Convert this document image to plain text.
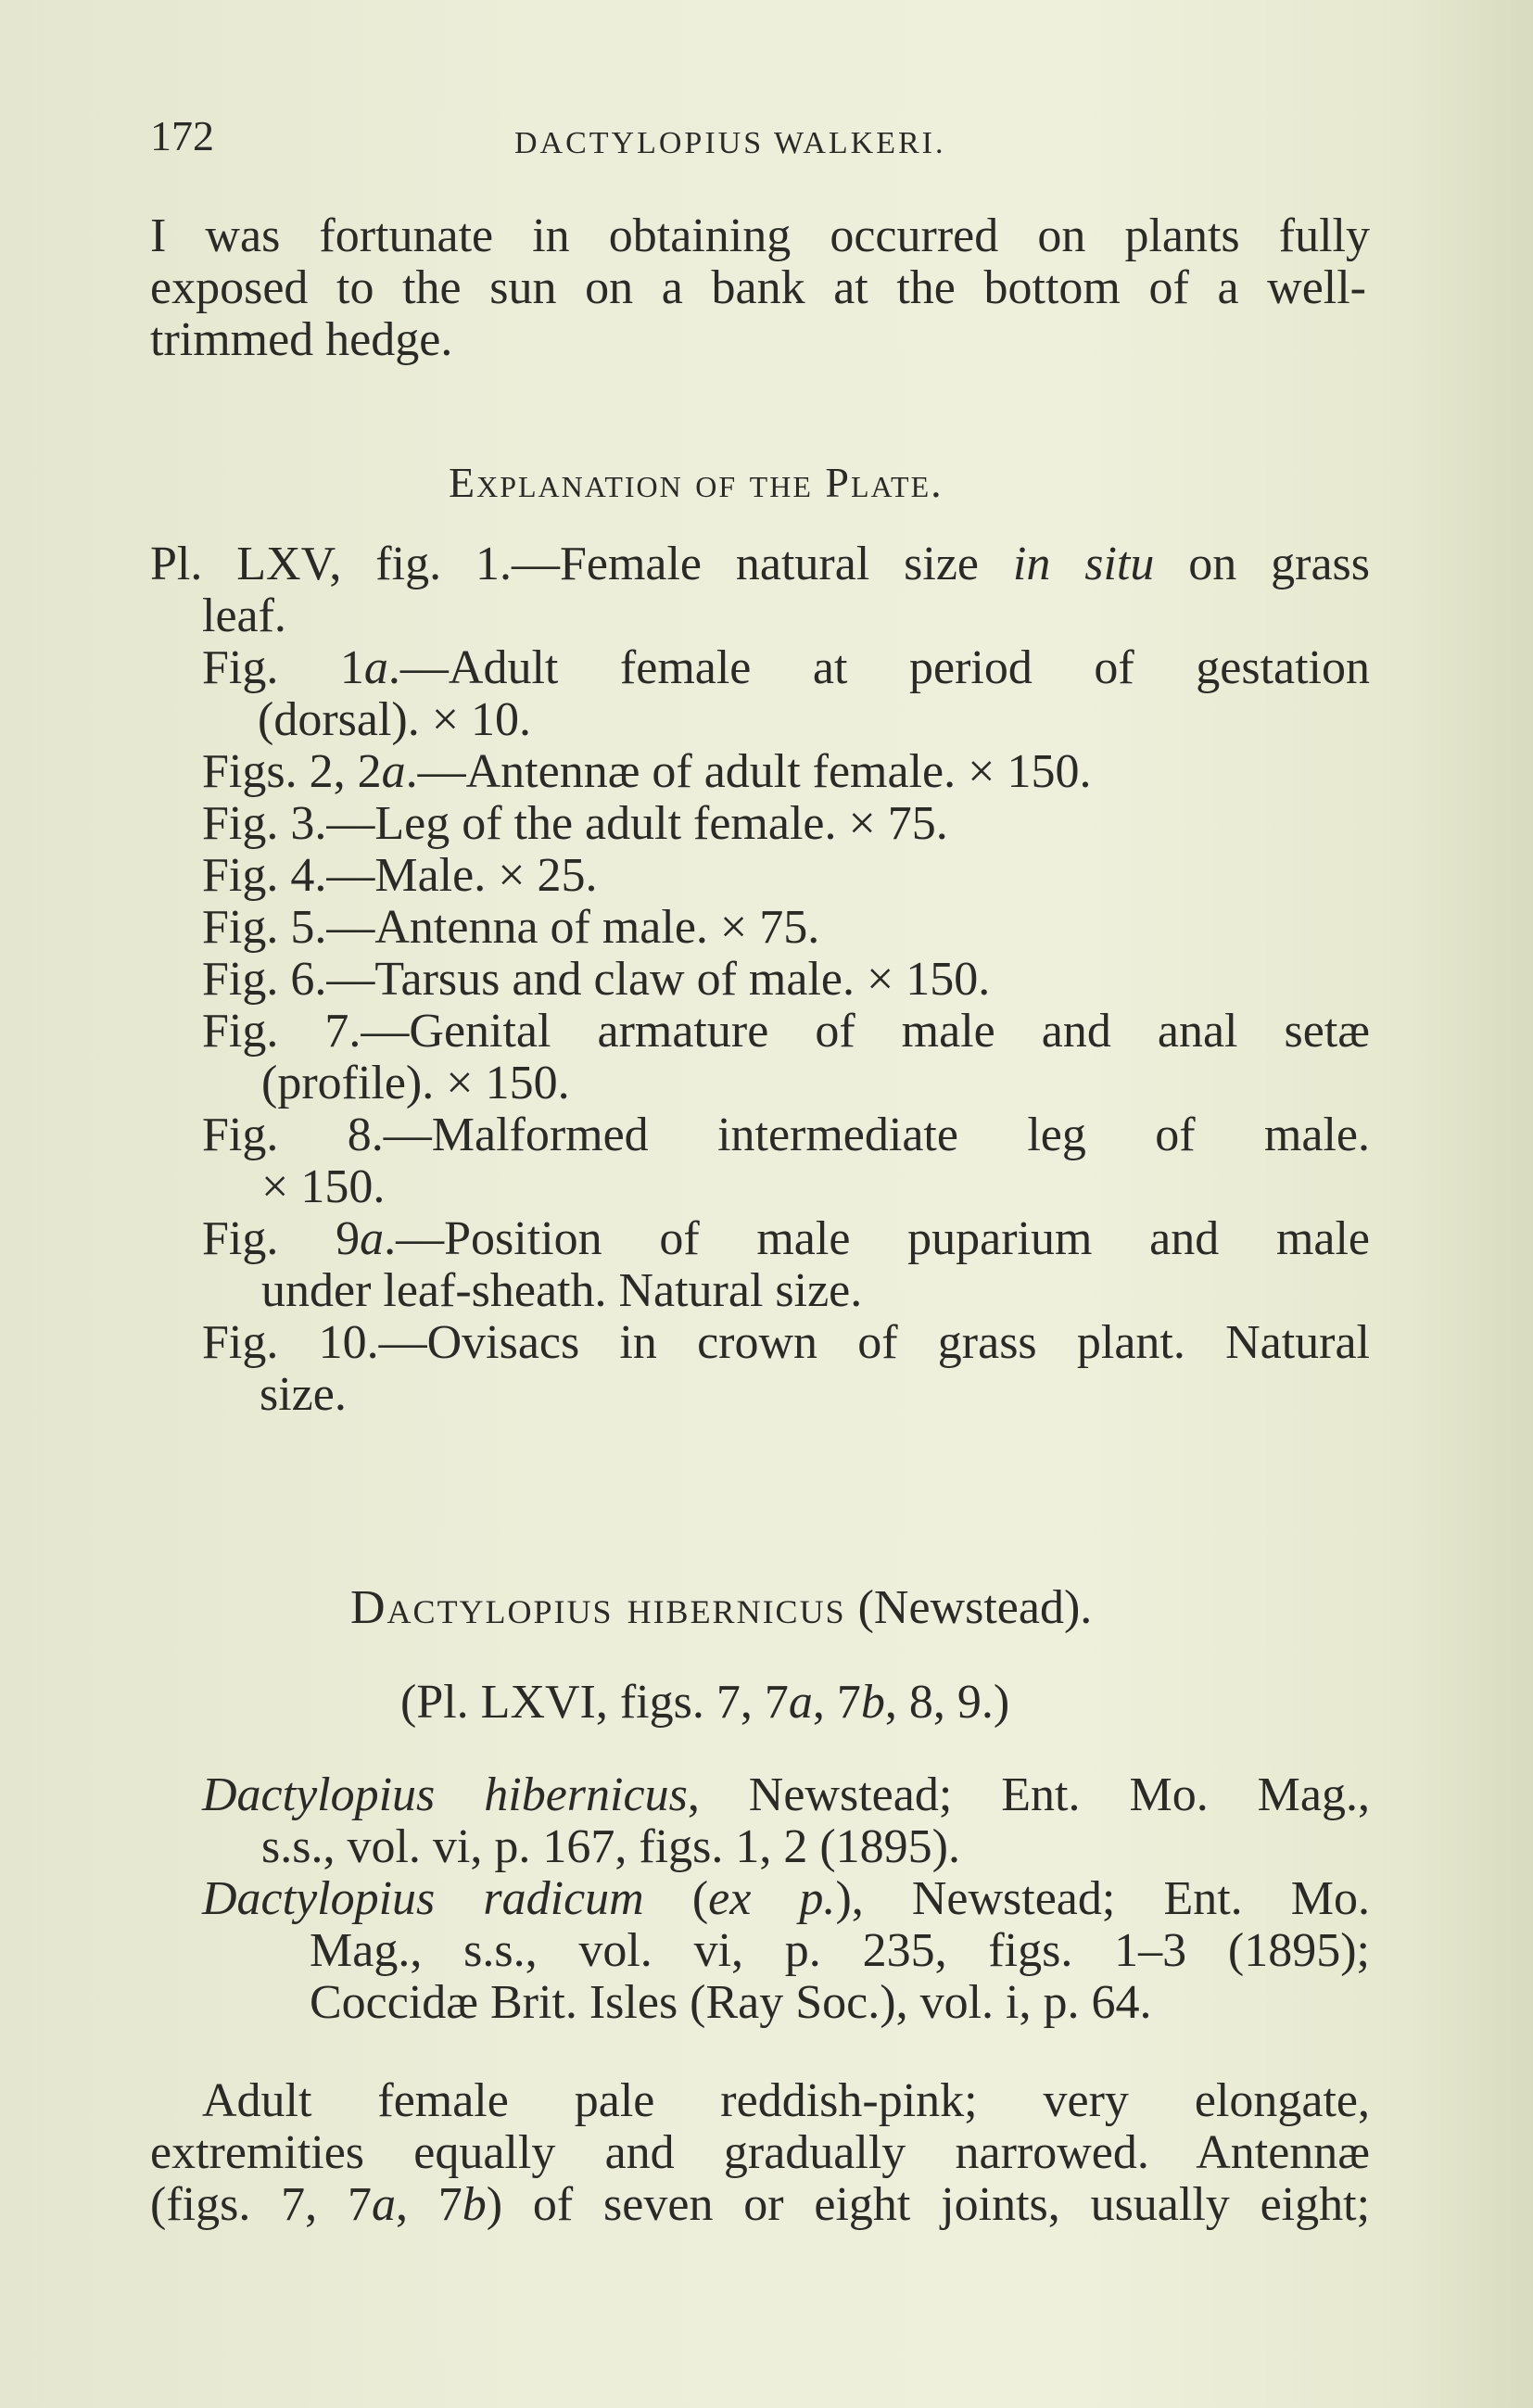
172	DACTYLOPIUS WALKERI.
I was fortunate in obtaining occurred on plants fully
exposed to the sun on a bank at the bottom of a well-
trimmed hedge.
Explanation of the Plate.
Pl. LXV, fig. 1.—Female natural size in situ on grass
leaf.
Fig. 1a.—Adult female at period of gestation
(dorsal). × 10.
Figs. 2, 2a.—Antennæ of adult female. × 150.
Fig. 3.—Leg of the adult female. × 75.
Fig. 4.—Male. × 25.
Fig. 5.—Antenna of male. × 75.
Fig. 6.—Tarsus and claw of male. × 150.
Fig. 7.—Genital armature of male and anal setæ
(profile). × 150.
Fig. 8.—Malformed intermediate leg of male.
× 150.
Fig. 9a.—Position of male puparium and male
under leaf-sheath. Natural size.
Fig. 10.—Ovisacs in crown of grass plant. Natural
size.
Dactylopius hibernicus (Newstead).
(Pl. LXVI, figs. 7, 7a, 7b, 8, 9.)
Dactylopius hibernicus, Newstead; Ent. Mo. Mag.,
s.s., vol. vi, p. 167, figs. 1, 2 (1895).
Dactylopius radicum (ex p.), Newstead; Ent. Mo.
Mag., s.s., vol. vi, p. 235, figs. 1–3 (1895);
Coccidæ Brit. Isles (Ray Soc.), vol. i, p. 64.
Adult female pale reddish-pink; very elongate,
extremities equally and gradually narrowed. Antennæ
(figs. 7, 7a, 7b) of seven or eight joints, usually eight;
